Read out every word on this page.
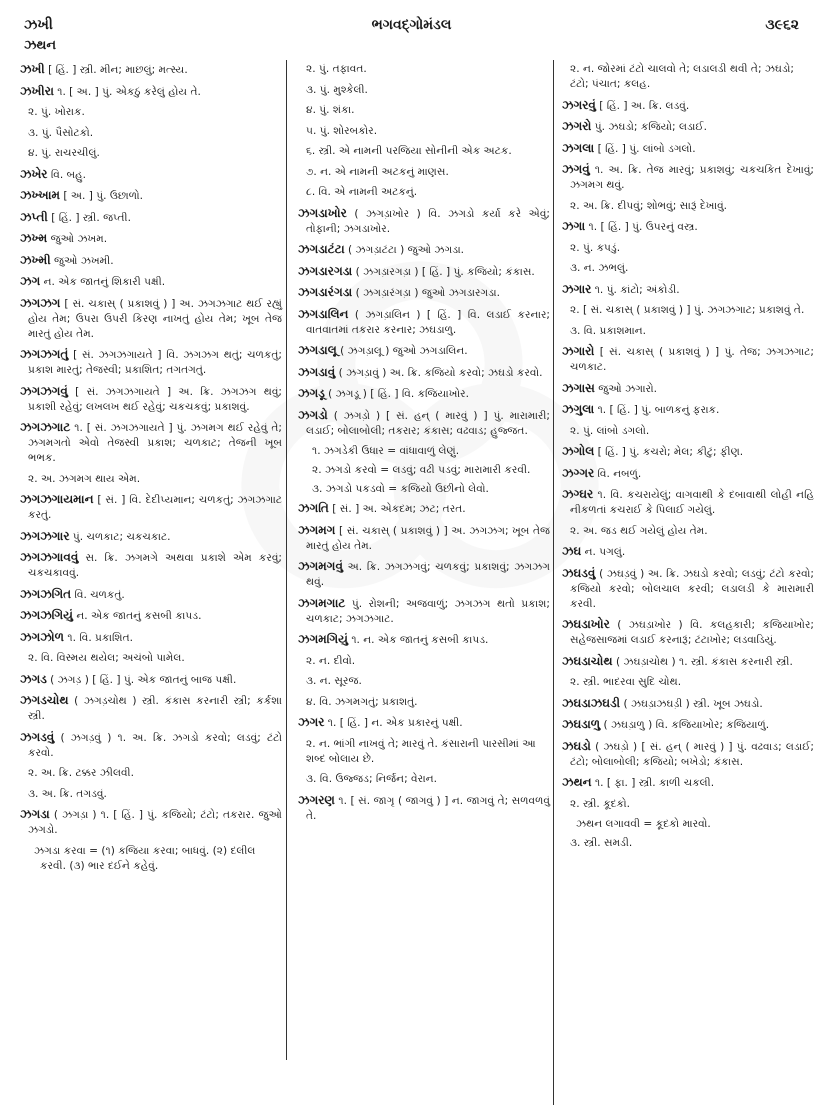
ઝખી	ભગવદ્ગોમંડલ	૩૯૬૨
ઝથન
ઝખી [ હિં. ] સ્ત્રી. મીન; માછલું; મત્સ્ય.
ઝખીરા ૧. [ અ. ] પું. એકઠું કરેલું હોય તે.
૨. પું. ખોરાક.
૩. પું. પૈસોટકો.
૪. પું. રાચરચીલું.
ઝખેર વિ. બહુ.
ઝખ્ખામ [ અ. ] પું. ઉછાળો.
ઝપ્તી [ હિં. ] સ્ત્રી. જપ્તી.
ઝખ્મ જુઓ ઝખમ.
ઝખ્મી જુઓ ઝખમી.
ઝગ ન. એક જાતનું શિકારી પક્ષી.
ઝગઝગ [ સં. ચકાસ્ ( પ્રકાશવું ) ] અ. ઝગઝગાટ થઈ રહ્યું હોય તેમ; ઉપરા ઉપરી કિરણ નાખતું હોય તેમ; ખૂબ તેજ મારતું હોય તેમ.
ઝગઝગતું [ સં. ઝગઝગાયતે ] વિ. ઝગઝગ થતું; ચળકતું; પ્રકાશ મારતું; તેજસ્વી; પ્રકાશિત; તગતગતું.
ઝગઝગવું [ સં. ઝગઝગાયતે ] અ. ક્રિ. ઝગઝગ થવું; પ્રકાશી રહેવું; લખલખ થઈ રહેવું; ચકચકવું; પ્રકાશવું.
ઝગઝગાટ ૧. [ સં. ઝગઝગાયતે ] પું. ઝગમગ થઈ રહેવું તે; ઝગમગતો એવો તેજસ્વી પ્રકાશ; ચળકાટ; તેજની ખૂબ ભભક.
૨. અ. ઝગમગ થાય એમ.
ઝગઝગાયમાન [ સં. ] વિ. દેદીપ્યમાન; ચળકતું; ઝગઝગાટ કરતું.
ઝગઝગાર પું. ચળકાટ; ચકચકાટ.
ઝગઝગાવવું સ. ક્રિ. ઝગમગે અથવા પ્રકાશે એમ કરવું; ચકચકાવવું.
ઝગઝગિત વિ. ચળકતું.
ઝગઝગિયું ન. એક જાતનું કસબી કાપડ.
ઝગઝોળ ૧. વિ. પ્રકાશિત.
૨. વિ. વિસ્મય થયેલ; અચંબો પામેલ.
ઝગડ ( ઝગડ઼ ) [ હિં. ] પું. એક જાતનું બાજ પક્ષી.
ઝગડચોથ ( ઝગડ઼ચોથ ) સ્ત્રી. કંકાસ કરનારી સ્ત્રી; કર્કશા સ્ત્રી.
ઝગડવું ( ઝગડ઼વું ) ૧. અ. ક્રિ. ઝગડો કરવો; લડવું; ટંટો કરવો.
૨. અ. ક્રિ. ટક્કર ઝીલવી.
૩. અ. ક્રિ. તગડવું.
ઝગડા ( ઝગડ઼ા ) ૧. [ હિં. ] પું. કજિયો; ટંટો; તકરાર. જુઓ ઝગડો.
ઝગડા કરવા = (૧) કજિયા કરવા; બાધવું. (૨) દલીલ કરવી. (૩) ભાર દઈને કહેવું.
૨. પું. તફાવત.
૩. પું. મુશ્કેલી.
૪. પું. શંકા.
૫. પું. શોરબકોર.
૬. સ્ત્રી. એ નામની પરજિયા સોનીની એક અટક.
૭. ન. એ નામની અટકનું માણસ.
૮. વિ. એ નામની અટકનું.
ઝગડાખોર ( ઝગડ઼ાખોર ) વિ. ઝગડો કર્યા કરે એવું; તોફાની; ઝગડાખોર.
ઝગડાટંટા ( ઝગડ઼ાટંટા ) જુઓ ઝગડા.
ઝગડારગડા ( ઝગડ઼ારગડ઼ા ) [ હિં. ] પું. કજિયો; કંકાસ.
ઝગડારંગડા ( ઝગડ઼ારંગડ઼ા ) જુઓ ઝગડારગડા.
ઝગડાલિન ( ઝગડ઼ાલિન ) [ હિં. ] વિ. લડાઈ કરનાર; વાતવાતમાં તકરાર કરનાર; ઝઘડાળુ.
ઝગડાલૂ ( ઝગડ઼ાલૂ ) જુઓ ઝગડાલિન.
ઝગડાવું ( ઝગડ઼ાવું ) અ. ક્રિ. કજિયો કરવો; ઝઘડો કરવો.
ઝગડૂ ( ઝગડ઼ૂ ) [ હિં. ] વિ. કજિયાખોર.
ઝગડો ( ઝગડ઼ો ) [ સં. હન્ ( મારવું ) ] પું. મારામારી; લડાઈ; બોલાબોલી; તકરાર; કંકાસ; વઢવાડ; હુજ્જત.
૧. ઝગડેકી ઉધાર = વાંધાવાળું લેણું.
૨. ઝગડો કરવો = લડવું; વઢી પડવું; મારામારી કરવી.
૩. ઝગડો પકડવો = કજિયો ઉછીનો લેવો.
ઝગતિ [ સં. ] અ. એકદમ; ઝટ; તરત.
ઝગમગ [ સં. ચકાસ્ ( પ્રકાશવું ) ] અ. ઝગઝગ; ખૂબ તેજ મારતું હોય તેમ.
ઝગમગવું અ. ક્રિ. ઝગઝગવું; ચળકવું; પ્રકાશવું; ઝગઝગ થવું.
ઝગમગાટ પું. રોશની; અજવાળું; ઝગઝગ થતો પ્રકાશ; ચળકાટ; ઝગઝગાટ.
ઝગમગિયું ૧. ન. એક જાતનું કસબી કાપડ.
૨. ન. દીવો.
૩. ન. સૂરજ.
૪. વિ. ઝગમગતું; પ્રકાશતું.
ઝગર ૧. [ હિં. ] ન. એક પ્રકારનું પક્ષી.
૨. ન. ભાંગી નાખવું તે; મારવું તે. કંસારાની પારસીમાં આ શબ્દ બોલાય છે.
૩. વિ. ઉજ્જડ; નિર્જન; વેરાન.
ઝગરણ ૧. [ સં. જાગૃ ( જાગવું ) ] ન. જાગવું તે; સળવળવું તે.
૨. ન. જોરમાં ટંટો ચાલવો તે; લડાલડી થવી તે; ઝઘડો; ટંટો; પંચાત; કલહ.
ઝગરવું [ હિં. ] અ. ક્રિ. લડવું.
ઝગરો પું. ઝઘડો; કજિયો; લડાઈ.
ઝગલા [ હિં. ] પું. લાંબો ડગલો.
ઝગવું ૧. અ. ક્રિ. તેજ મારવું; પ્રકાશવું; ચકચકિત દેખાવું; ઝગમગ થવું.
૨. અ. ક્રિ. દીપવું; શોભવું; સારૂં દેખાવું.
ઝગા ૧. [ હિં. ] પું. ઉપરનું વસ્ત્ર.
૨. પું. કપડું.
૩. ન. ઝભલું.
ઝગાર ૧. પું. કાંટો; અંકોડી.
૨. [ સં. ચકાસ્ ( પ્રકાશવું ) ] પું. ઝગઝગાટ; પ્રકાશવું તે.
૩. વિ. પ્રકાશમાન.
ઝગારો [ સં. ચકાસ્ ( પ્રકાશવું ) ] પું. તેજ; ઝગઝગાટ; ચળકાટ.
ઝગાસ જુઓ ઝગારો.
ઝગુલા ૧. [ હિં. ] પું. બાળકનું ફરાક.
૨. પું. લાંબો ડગલો.
ઝગોલ [ હિં. ] પું. કચરો; મેલ; કીટું; ફીણ.
ઝગ્ગર વિ. નબળું.
ઝગ્ઘર ૧. વિ. કચરાયેલું; વાગવાથી કે દબાવાથી લોહી નહિ નીકળતાં કચરાઈ કે પિલાઈ ગયેલું.
૨. અ. જડ થઈ ગયેલું હોય તેમ.
ઝઘ ન. પગલું.
ઝઘડવું ( ઝઘડ઼વું ) અ. ક્રિ. ઝઘડો કરવો; લડવું; ટંટો કરવો; કજિયો કરવો; બોલચાલ કરવી; લડાલડી કે મારામારી કરવી.
ઝઘડાખોર ( ઝઘડ઼ાખોર ) વિ. કલહકારી; કજિયાખોર; સહેજસાજમાં લડાઈ કરનારૂં; ટંટાખોર; લડવાડિયું.
ઝઘડાચોથ ( ઝઘડ઼ાચોથ ) ૧. સ્ત્રી. કંકાસ કરનારી સ્ત્રી.
૨. સ્ત્રી. ભાદરવા સુદિ ચોથ.
ઝઘડાઝઘડી ( ઝઘડ઼ાઝઘડ઼ી ) સ્ત્રી. ખૂબ ઝઘડો.
ઝઘડાળુ ( ઝઘડ઼ાળુ ) વિ. કજિયાખોર; કજિયાળું.
ઝઘડો ( ઝઘડ઼ો ) [ સં. હન્ ( મારવું ) ] પું. વઢવાડ; લડાઈ; ટંટો; બોલાબોલી; કજિયો; બખેડો; કંકાસ.
ઝથન ૧. [ ફા. ] સ્ત્રી. કાળી ચકલી.
૨. સ્ત્રી. કૂદકો.
ઝથન લગાવવી = કૂદકો મારવો.
૩. સ્ત્રી. સમડી.
